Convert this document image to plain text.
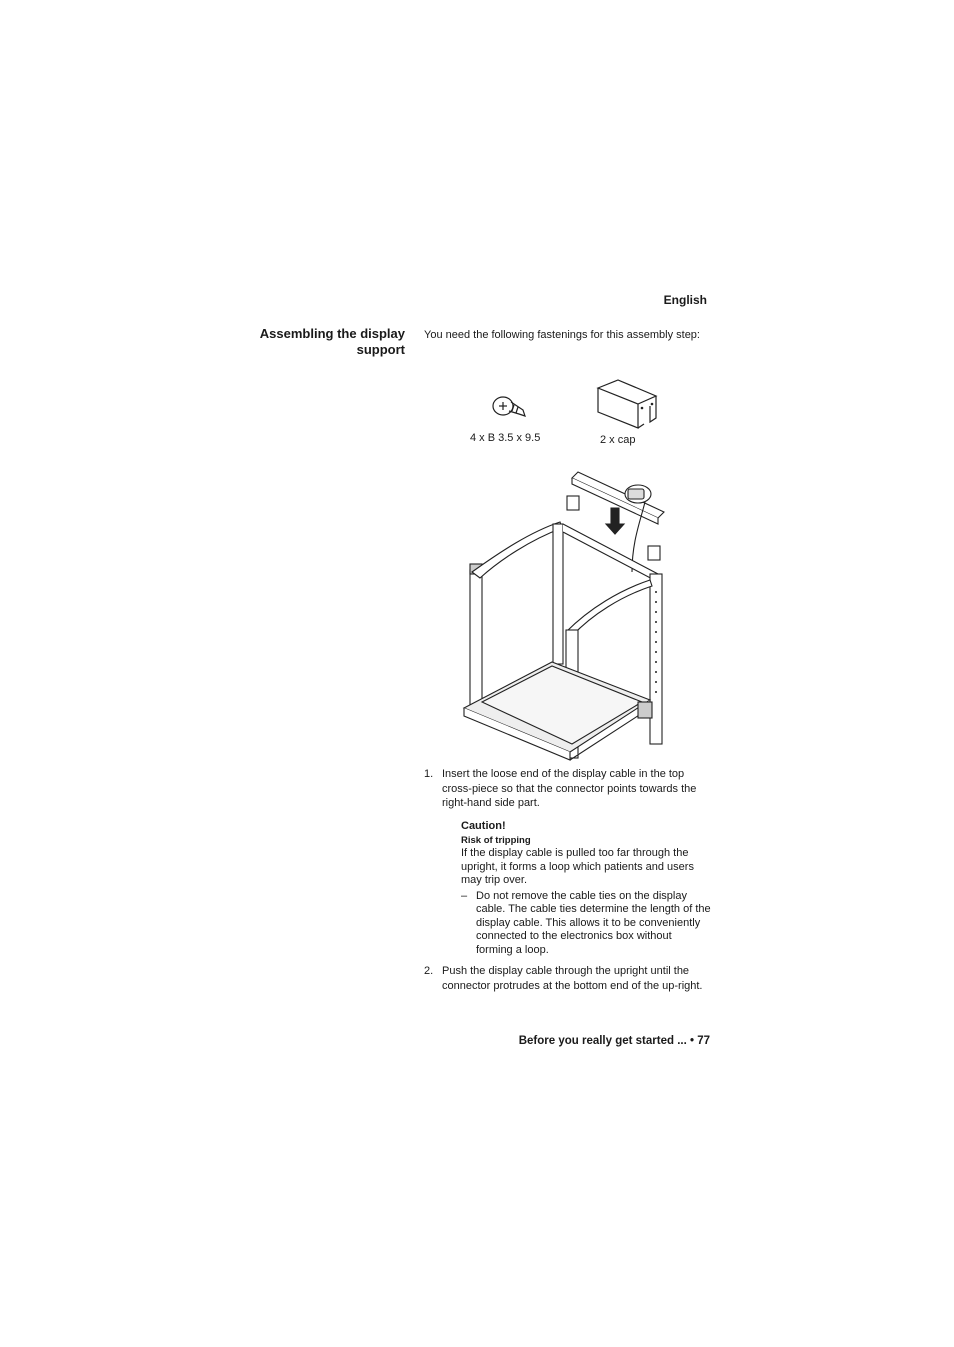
English
Assembling the display
support
You need the following fastenings for this assembly step:
4 x B 3.5 x 9.5	2 x cap
1. Insert the loose end of the display cable in the top cross-piece so that the connector points towards the right-hand side part.
Caution!
Risk of tripping
If the display cable is pulled too far through the upright, it forms a loop which patients and users may trip over.
– Do not remove the cable ties on the display cable. The cable ties determine the length of the display cable. This allows it to be conveniently connected to the electronics box without forming a loop.
2. Push the display cable through the upright until the connector protrudes at the bottom end of the up-right.
Before you really get started ... • 77
